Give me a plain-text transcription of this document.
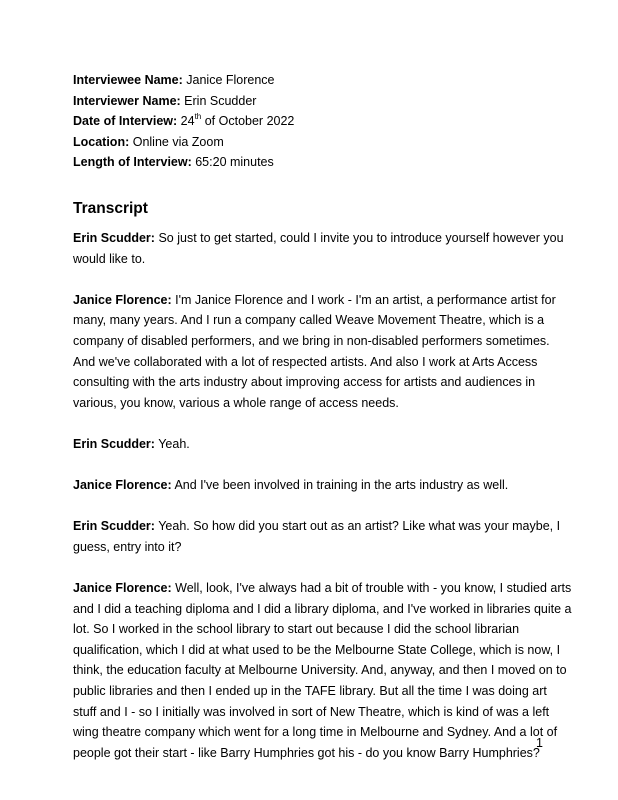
Interviewee Name: Janice Florence
Interviewer Name: Erin Scudder
Date of Interview: 24th of October 2022
Location: Online via Zoom
Length of Interview: 65:20 minutes
Transcript

Erin Scudder: So just to get started, could I invite you to introduce yourself however you would like to.

Janice Florence: I'm Janice Florence and I work - I'm an artist, a performance artist for many, many years. And I run a company called Weave Movement Theatre, which is a company of disabled performers, and we bring in non-disabled performers sometimes. And we've collaborated with a lot of respected artists. And also I work at Arts Access consulting with the arts industry about improving access for artists and audiences in various, you know, various a whole range of access needs.

Erin Scudder: Yeah.

Janice Florence: And I've been involved in training in the arts industry as well.

Erin Scudder: Yeah. So how did you start out as an artist? Like what was your maybe, I guess, entry into it?

Janice Florence: Well, look, I've always had a bit of trouble with - you know, I studied arts and I did a teaching diploma and I did a library diploma, and I've worked in libraries quite a lot. So I worked in the school library to start out because I did the school librarian qualification, which I did at what used to be the Melbourne State College, which is now, I think, the education faculty at Melbourne University. And, anyway, and then I moved on to public libraries and then I ended up in the TAFE library. But all the time I was doing art stuff and I - so I initially was involved in sort of New Theatre, which is kind of was a left wing theatre company which went for a long time in Melbourne and Sydney. And a lot of people got their start - like Barry Humphries got his - do you know Barry Humphries?

1
